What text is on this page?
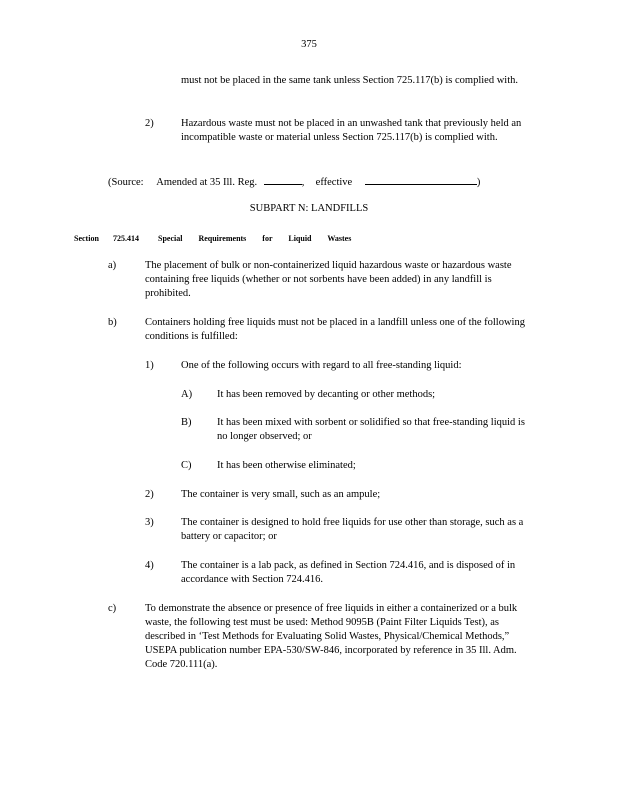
375
must not be placed in the same tank unless Section 725.117(b) is complied with.
2)	Hazardous waste must not be placed in an unwashed tank that previously held an incompatible waste or material unless Section 725.117(b) is complied with.
(Source: Amended at 35 Ill. Reg.	, effective	)
SUBPART N: LANDFILLS
Section 725.414 Special Requirements for Liquid Wastes
a)	The placement of bulk or non-containerized liquid hazardous waste or hazardous waste containing free liquids (whether or not sorbents have been added) in any landfill is prohibited.
b)	Containers holding free liquids must not be placed in a landfill unless one of the following conditions is fulfilled:
1)	One of the following occurs with regard to all free-standing liquid:
A) It has been removed by decanting or other methods;
B) It has been mixed with sorbent or solidified so that free-standing liquid is no longer observed; or
C) It has been otherwise eliminated;
2)	The container is very small, such as an ampule;
3)	The container is designed to hold free liquids for use other than storage, such as a battery or capacitor; or
4)	The container is a lab pack, as defined in Section 724.416, and is disposed of in accordance with Section 724.416.
c)	To demonstrate the absence or presence of free liquids in either a containerized or a bulk waste, the following test must be used: Method 9095B (Paint Filter Liquids Test), as described in ‘Test Methods for Evaluating Solid Wastes, Physical/Chemical Methods,” USEPA publication number EPA-530/SW-846, incorporated by reference in 35 Ill. Adm. Code 720.111(a).
